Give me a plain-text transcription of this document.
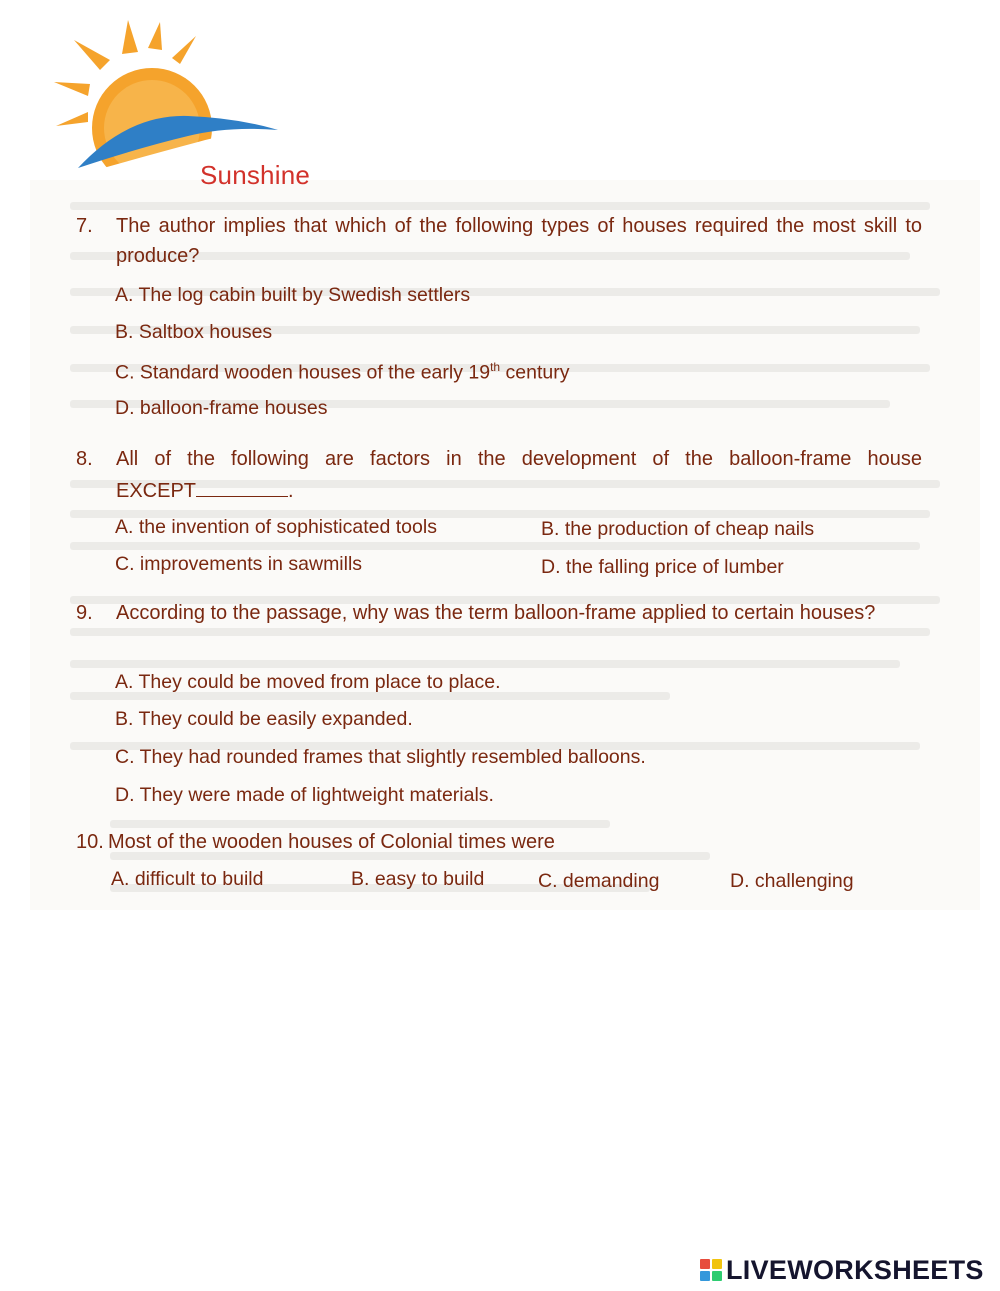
Sunshine
7.	The author implies that which of the following types of houses required the most skill to produce?
A. The log cabin built by Swedish settlers
B. Saltbox houses
C. Standard wooden houses of the early 19th century
D. balloon-frame houses
8.	All of the following are factors in the development of the balloon-frame house
EXCEPT	.
A. the invention of sophisticated tools	B. the production of cheap nails
C. improvements in sawmills	D. the falling price of lumber
9.	According to the passage, why was the term balloon-frame applied to certain houses?
A. They could be moved from place to place.
B. They could be easily expanded.
C. They had rounded frames that slightly resembled balloons.
D. They were made of lightweight materials.
10. Most of the wooden houses of Colonial times were
A. difficult to build	B. easy to build	C. demanding	D. challenging
LIVEWORKSHEETS
